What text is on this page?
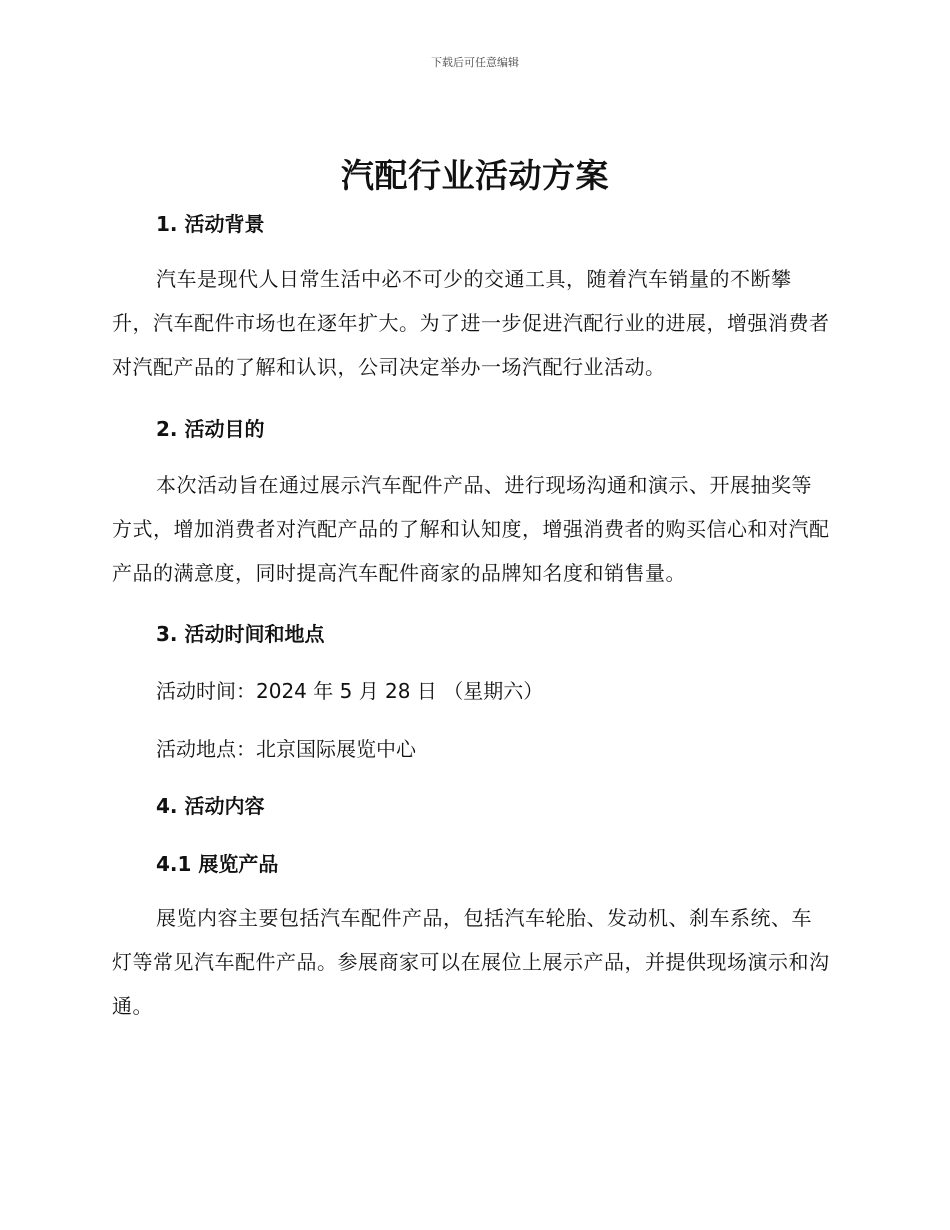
下载后可任意编辑
汽配行业活动方案
1. 活动背景
汽车是现代人日常生活中必不可少的交通工具，随着汽车销量的不断攀升，汽车配件市场也在逐年扩大。为了进一步促进汽配行业的进展，增强消费者对汽配产品的了解和认识，公司决定举办一场汽配行业活动。
2. 活动目的
本次活动旨在通过展示汽车配件产品、进行现场沟通和演示、开展抽奖等方式，增加消费者对汽配产品的了解和认知度，增强消费者的购买信心和对汽配产品的满意度，同时提高汽车配件商家的品牌知名度和销售量。
3. 活动时间和地点
活动时间：2024 年 5 月 28 日 （星期六）
活动地点：北京国际展览中心
4. 活动内容
4.1 展览产品
展览内容主要包括汽车配件产品，包括汽车轮胎、发动机、刹车系统、车灯等常见汽车配件产品。参展商家可以在展位上展示产品，并提供现场演示和沟通。
